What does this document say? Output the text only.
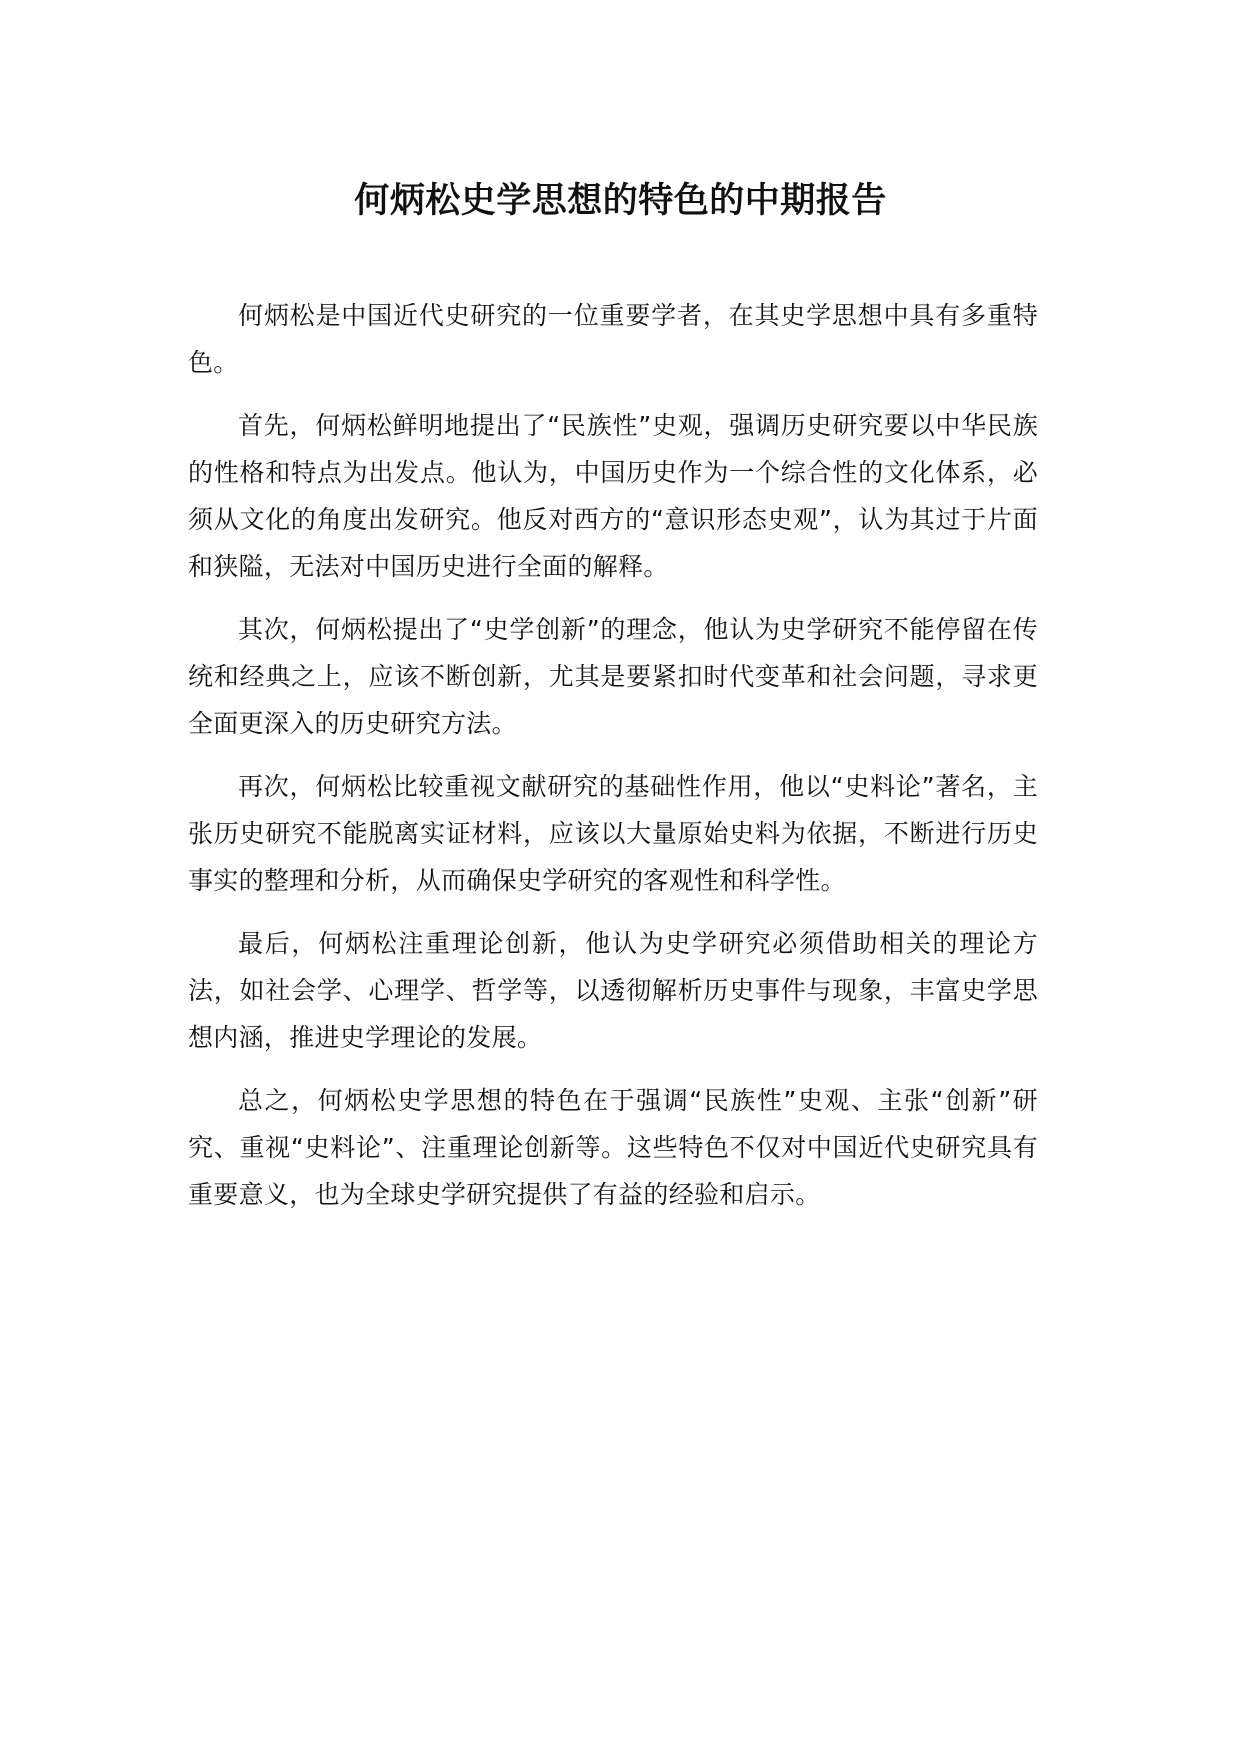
何炳松史学思想的特色的中期报告

何炳松是中国近代史研究的一位重要学者，在其史学思想中具有多重特色。

首先，何炳松鲜明地提出了“民族性”史观，强调历史研究要以中华民族的性格和特点为出发点。他认为，中国历史作为一个综合性的文化体系，必须从文化的角度出发研究。他反对西方的“意识形态史观”，认为其过于片面和狭隘，无法对中国历史进行全面的解释。

其次，何炳松提出了“史学创新”的理念，他认为史学研究不能停留在传统和经典之上，应该不断创新，尤其是要紧扣时代变革和社会问题，寻求更全面更深入的历史研究方法。

再次，何炳松比较重视文献研究的基础性作用，他以“史料论”著名，主张历史研究不能脱离实证材料，应该以大量原始史料为依据，不断进行历史事实的整理和分析，从而确保史学研究的客观性和科学性。

最后，何炳松注重理论创新，他认为史学研究必须借助相关的理论方法，如社会学、心理学、哲学等，以透彻解析历史事件与现象，丰富史学思想内涵，推进史学理论的发展。

总之，何炳松史学思想的特色在于强调“民族性”史观、主张“创新”研究、重视“史料论”、注重理论创新等。这些特色不仅对中国近代史研究具有重要意义，也为全球史学研究提供了有益的经验和启示。
